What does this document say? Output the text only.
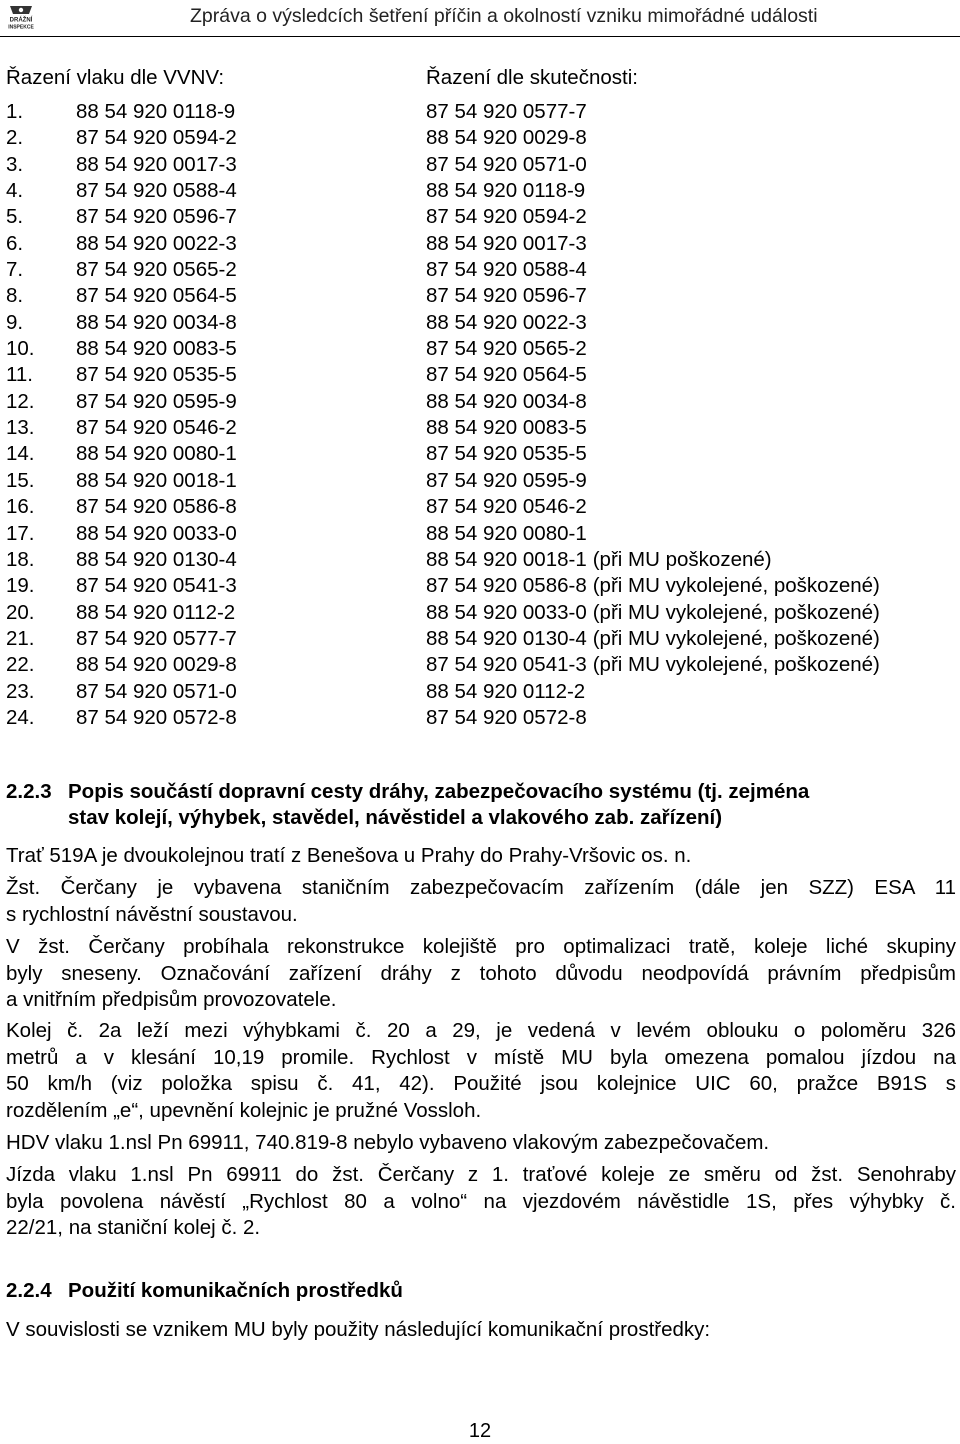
DRÁŽNÍ
INSPEKCE
Zpráva o výsledcích šetření příčin a okolností vzniku mimořádné události
Řazení vlaku dle VVNV:	Řazení dle skutečnosti:
1.	88 54 920 0118-9	87 54 920 0577-7
2.	87 54 920 0594-2	88 54 920 0029-8
3.	88 54 920 0017-3	87 54 920 0571-0
4.	87 54 920 0588-4	88 54 920 0118-9
5.	87 54 920 0596-7	87 54 920 0594-2
6.	88 54 920 0022-3	88 54 920 0017-3
7.	87 54 920 0565-2	87 54 920 0588-4
8.	87 54 920 0564-5	87 54 920 0596-7
9.	88 54 920 0034-8	88 54 920 0022-3
10. 88 54 920 0083-5	87 54 920 0565-2
11. 87 54 920 0535-5	87 54 920 0564-5
12. 87 54 920 0595-9	88 54 920 0034-8
13. 87 54 920 0546-2	88 54 920 0083-5
14. 88 54 920 0080-1	87 54 920 0535-5
15. 88 54 920 0018-1	87 54 920 0595-9
16. 87 54 920 0586-8	87 54 920 0546-2
17. 88 54 920 0033-0	88 54 920 0080-1
18. 88 54 920 0130-4	88 54 920 0018-1 (při MU poškozené)
19. 87 54 920 0541-3	87 54 920 0586-8 (při MU vykolejené, poškozené)
20. 88 54 920 0112-2	88 54 920 0033-0 (při MU vykolejené, poškozené)
21. 87 54 920 0577-7	88 54 920 0130-4 (při MU vykolejené, poškozené)
22. 88 54 920 0029-8	87 54 920 0541-3 (při MU vykolejené, poškozené)
23. 87 54 920 0571-0	88 54 920 0112-2
24. 87 54 920 0572-8	87 54 920 0572-8
2.2.3 Popis součástí dopravní cesty dráhy, zabezpečovacího systému (tj. zejména
stav kolejí, výhybek, stavědel, návěstidel a vlakového zab. zařízení)
Trať 519A je dvoukolejnou tratí z Benešova u Prahy do Prahy-Vršovic os. n.
Žst. Čerčany je vybavena staničním zabezpečovacím zařízením (dále jen SZZ) ESA 11
s rychlostní návěstní soustavou.
V žst. Čerčany probíhala rekonstrukce kolejiště pro optimalizaci tratě, koleje liché skupiny
byly sneseny. Označování zařízení dráhy z tohoto důvodu neodpovídá právním předpisům
a vnitřním předpisům provozovatele.
Kolej č. 2a leží mezi výhybkami č. 20 a 29, je vedená v levém oblouku o poloměru 326
metrů a v klesání 10,19 promile. Rychlost v místě MU byla omezena pomalou jízdou na
50 km/h (viz položka spisu č. 41, 42). Použité jsou kolejnice UIC 60, pražce B91S s
rozdělením „e“, upevnění kolejnic je pružné Vossloh.
HDV vlaku 1.nsl Pn 69911, 740.819-8 nebylo vybaveno vlakovým zabezpečovačem.
Jízda vlaku 1.nsl Pn 69911 do žst. Čerčany z 1. traťové koleje ze směru od žst. Senohraby
byla povolena návěstí „Rychlost 80 a volno“ na vjezdovém návěstidle 1S, přes výhybky č.
22/21, na staniční kolej č. 2.
2.2.4 Použití komunikačních prostředků
V souvislosti se vznikem MU byly použity následující komunikační prostředky:
12
